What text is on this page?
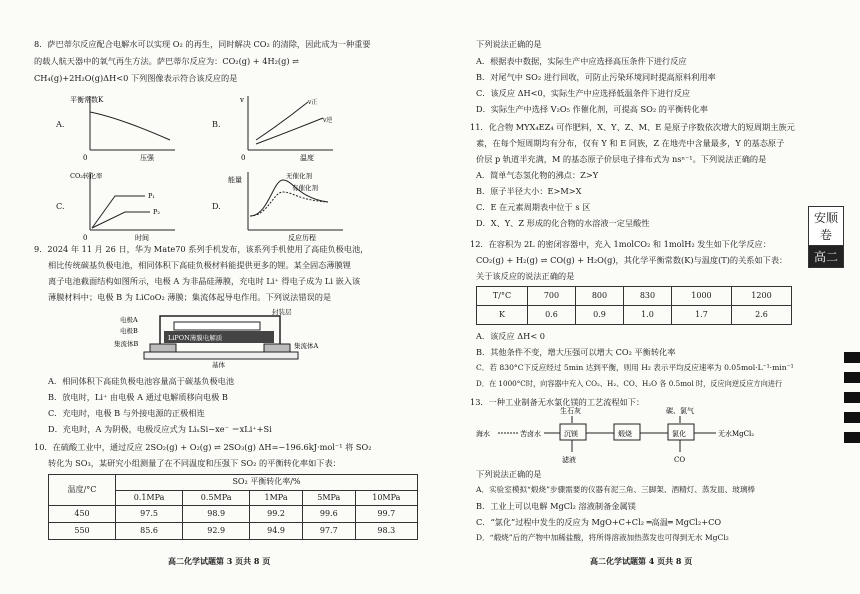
8．萨巴蒂尔反应配合电解水可以实现 O₂ 的再生，同时解决 CO₂ 的清除，因此成为一种重要
的载人航天器中的氧气再生方法。萨巴蒂尔反应为：CO₂(g) + 4H₂(g) ⇌
CH₄(g)+2H₂O(g)ΔH<0 下列图像表示符合该反应的是
A.
平衡常数K
0	压强
B.
v	v正
v逆
0	温度
C.
CO₂转化率
P₁
P₂
0	时间
D.
能量	无催化剂
有催化剂
反应历程
9．2024 年 11 月 26 日，华为 Mate70 系列手机发布，该系列手机使用了高硅负极电池，
相比传统碳基负极电池，相同体积下高硅负极材料能提供更多的锂。某全固态薄膜锂
离子电池截面结构如图所示，电极 A 为非晶硅薄膜，充电时 Li⁺ 得电子成为 Li 嵌入该
薄膜材料中；电极 B 为 LiCoO₂ 薄膜；集流体起导电作用。下列说法错误的是
LiPON薄膜电解质
电极A
电极B
集流体B	集流体A
封装层
基体
A．相同体积下高硅负极电池容量高于碳基负极电池
B．放电时，Li⁺ 由电极 A 通过电解质移向电极 B
C．充电时，电极 B 与外接电源的正极相连
D．充电时，A 为阴极，电极反应式为 LiₓSi−xe⁻ ＝xLi⁺+Si
10．在硫酸工业中，通过反应 2SO₂(g) + O₂(g) ⇌ 2SO₃(g) ΔH=−196.6kJ·mol⁻¹ 将 SO₂
转化为 SO₃，某研究小组测量了在不同温度和压强下 SO₂ 的平衡转化率如下表：
温度/°C	SO₂ 平衡转化率/%				
	0.1MPa	0.5MPa	1MPa	5MPa	10MPa
450	97.5	98.9	99.2	99.6	99.7
550	85.6	92.9	94.9	97.7	98.3
高二化学试题第 3 页共 8 页
下列说法正确的是
A．根据表中数据，实际生产中应选择高压条件下进行反应
B．对尾气中 SO₂ 进行回收，可防止污染环境同时提高原料利用率
C．该反应 ΔH<0，实际生产中应选择低温条件下进行反应
D．实际生产中选择 V₂O₅ 作催化剂，可提高 SO₂ 的平衡转化率
11．化合物 MYX₄EZ₄ 可作肥料，X、Y、Z、M、E 是原子序数依次增大的短周期主族元
素，在每个短周期均有分布，仅有 Y 和 E 同族，Z 在地壳中含量最多，Y 的基态原子
价层 p 轨道半充满，M 的基态原子价层电子排布式为 nsⁿ⁻¹。下列说法正确的是
A．简单气态氢化物的沸点：Z>Y
B．原子半径大小：E>M>X
C．E 在元素周期表中位于 s 区
D．X、Y、Z 形成的化合物的水溶液一定呈酸性
12．在容积为 2L 的密闭容器中，充入 1molCO₂ 和 1molH₂ 发生如下化学反应：
CO₂(g) + H₂(g) ⇌ CO(g) + H₂O(g)，其化学平衡常数(K)与温度(T)的关系如下表：
关于该反应的说法正确的是
T/°C	700	800	830	1000	1200
K	0.6	0.9	1.0	1.7	2.6
A．该反应 ΔH< 0
B．其他条件不变，增大压强可以增大 CO₂ 平衡转化率
C．若 830°C下反应经过 5min 达到平衡，则用 H₂ 表示平均反应速率为 0.05mol·L⁻¹·min⁻¹
D．在 1000°C时，向容器中充入 CO₂、H₂、CO、H₂O 各 0.5mol 时，反应向逆反应方向进行
13．一种工业制备无水氯化镁的工艺流程如下：
生石灰	碳、氯气
海水	苦卤水	沉镁	煅烧	氯化	无水MgCl₂
滤液	CO
下列说法正确的是
A．实验室模拟“煅烧”步骤需要的仪器有泥三角、三脚架、酒精灯、蒸发皿、玻璃棒
B．工业上可以电解 MgCl₂ 溶液制备金属镁
C．“氯化”过程中发生的反应为 MgO+C+Cl₂ ═高温═ MgCl₂+CO
D．“煅烧”后的产物中加稀盐酸，将所得溶液加热蒸发也可得到无水 MgCl₂
高二化学试题第 4 页共 8 页
安顺卷
高二
